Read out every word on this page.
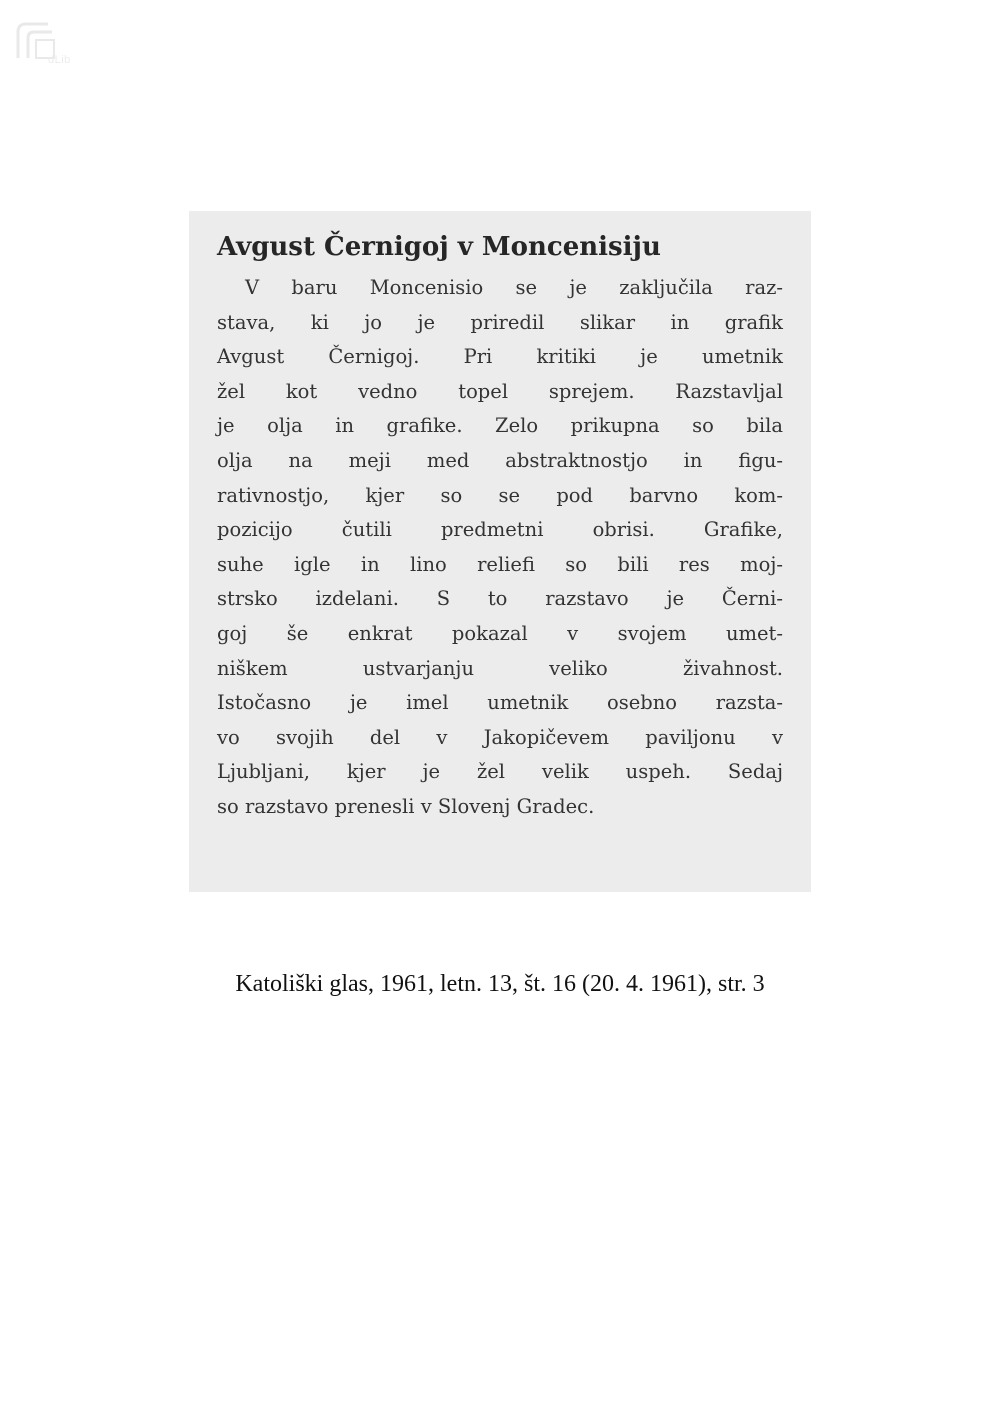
dLib
Avgust Černigoj v Moncenisiju
V baru Moncenisio se je zaključila raz-
stava, ki jo je priredil slikar in grafik
Avgust Černigoj. Pri kritiki je umetnik
žel kot vedno topel sprejem. Razstavljal
je olja in grafike. Zelo prikupna so bila
olja na meji med abstraktnostjo in figu-
rativnostjo, kjer so se pod barvno kom-
pozicijo čutili predmetni obrisi. Grafike,
suhe igle in lino reliefi so bili res moj-
strsko izdelani. S to razstavo je Černi-
goj še enkrat pokazal v svojem umet-
niškem ustvarjanju veliko živahnost.
Istočasno je imel umetnik osebno razsta-
vo svojih del v Jakopičevem paviljonu v
Ljubljani, kjer je žel velik uspeh. Sedaj
so razstavo prenesli v Slovenj Gradec.
Katoliški glas, 1961, letn. 13, št. 16 (20. 4. 1961), str. 3
